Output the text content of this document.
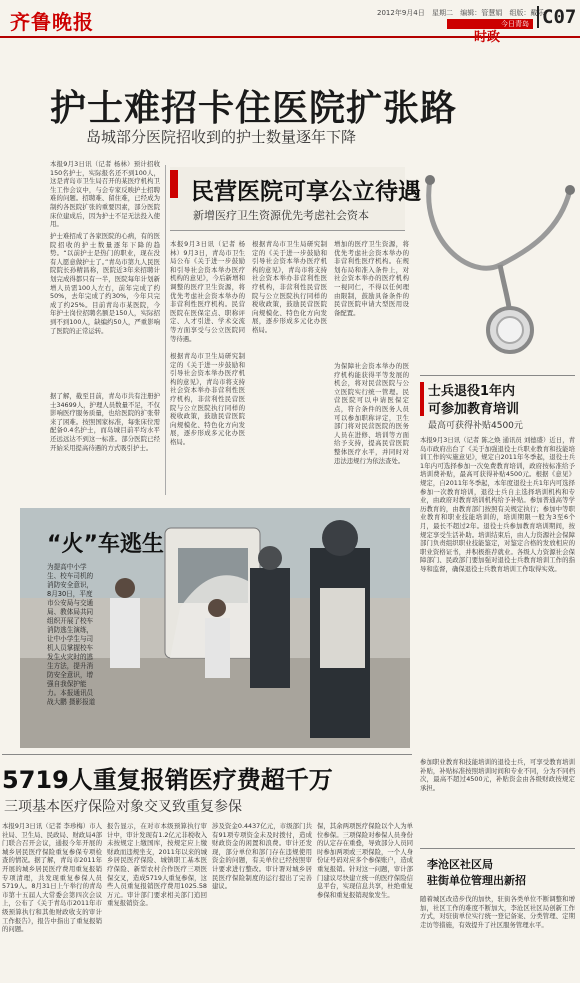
齐鲁晚报	2012年9月4日 星期二 编辑：管慧娟 组版：戴乐
今日青岛
时政
C07
护士难招卡住医院扩张路
岛城部分医院招收到的护士数量逐年下降
本报9月3日讯（记者 杨林）预计招收150名护士，实际报名还不到100人，这是青岛市卫生局召开的某医疗机构卫生工作会议中，与会专家反映护士招聘难的问题。招聘难、留住难，已经成为制约各医院扩张的重要因素，部分医院床位建成后，因为护士不足无法投入使用。
护士难招成了各家医院的心病，有的医院招收的护士数量逐年下降的趋势。“以前护士是热门的职业，现在没有人愿意做护士了。”青岛市第九人民医院院长孙精昌称，医院近3年来招聘计划完成得都只有一半，医院每年计划新增人员需100人左右，前年完成了约50%，去年完成了约30%，今年只完成了约25%。目前青岛市某医院，今年护士岗位招聘名额是150人，实际招到不到100人，缺编约50人，严重影响了医院的正常运转。
据了解，截至目前，青岛市共有注册护士34699人，护理人员数量不足，不仅影响医疗服务质量，也给医院的扩张带来了困难。按照国家标准，每张床位需配备0.4名护士，而岛城目前平均水平还远远达不到这一标准。部分医院已经开始采用提高待遇的方式吸引护士。
民营医院可享公立待遇
新增医疗卫生资源优先考虑社会资本
本报9月3日讯（记者 杨林）9月3日，青岛市卫生局公布《关于进一步鼓励和引导社会资本举办医疗机构的意见》，今后新增和调整的医疗卫生资源，将优先考虑社会资本举办的非营利性医疗机构。民营医院在医保定点、职称评定、人才引进、学术交流等方面享受与公立医院同等待遇。
根据青岛市卫生局研究制定的《关于进一步鼓励和引导社会资本举办医疗机构的意见》，青岛市将支持社会资本举办非营利性医疗机构，非营利性民营医院与公立医院执行同样的税收政策，鼓励民营医院向规模化、特色化方向发展，逐步形成多元化办医格局。
根据青岛市卫生局研究制定的《关于进一步鼓励和引导社会资本举办医疗机构的意见》，青岛市将支持社会资本举办非营利性医疗机构，非营利性民营医院与公立医院执行同样的税收政策，鼓励民营医院向规模化、特色化方向发展，逐步形成多元化办医格局。
增加的医疗卫生资源，将优先考虑社会资本举办的非营利性医疗机构。在规划布局和准入条件上，对社会资本举办的医疗机构一视同仁，不得以任何理由限制，鼓励具备条件的民营医院申请大型医用设备配置。
为保障社会资本举办的医疗机构能获得平等发展的机会，将对民营医院与公立医院实行统一管理。民营医院可以申请医保定点，符合条件的医务人员可以参加职称评定，卫生部门将对民营医院的医务人员在进修、培训等方面给予支持，提高民营医院整体医疗水平，并同时对违法违规行为依法查处。
士兵退役1年内
可参加教育培训
最高可获得补贴4500元
本报9月3日讯（记者 陈之焕 通讯员 刘德盛）近日，青岛市政府出台了《关于加强退役士兵职业教育和技能培训工作的实施意见》，规定自2011年冬季起，退役士兵1年内可选择参加一次免费教育培训，政府按标准给予培训费补贴，最高可获得补贴4500元。根据《意见》规定，自2011年冬季起，本年度退役士兵1年内可选择参加一次教育培训，退役士兵自主选择培训机构和专业，由政府对教育培训机构给予补贴。参加普通高等学历教育的，由教育部门按照有关规定执行；参加中等职业教育和职业技能培训的，培训期限一般为3至6个月，最长不超过2年。退役士兵参加教育培训期间，按规定享受生活补助。培训结束后，由人力资源社会保障部门负责组织职业技能鉴定，对鉴定合格的发放相应的职业资格证书，并积极推荐就业。各级人力资源社会保障部门、民政部门要加强对退役士兵教育培训工作的指导和监督，确保退役士兵教育培训工作取得实效。
参加职业教育和技能培训的退役士兵，可享受教育培训补贴，补贴标准按照培训时间和专业不同，分为不同档次，最高不超过4500元，补贴资金由各级财政按规定承担。
“火”车逃生
为提高中小学生、校车司机的消防安全意识，8月30日，平度市公安局与交通局、教体局共同组织开展了校车消防逃生演练，让中小学生与司机人员掌握校车发生火灾时的逃生方法，提升消防安全意识，增强自我保护能力。本报通讯员 战大鹏 摄影报道
5719人重复报销医疗费超千万
三项基本医疗保险对象交叉致重复参保
本报9月3日讯（记者 李珍梅）市人社局、卫生局、民政局、财政局4部门联合召开会议，通报今年开展的城乡居民医疗保险重复参保专项检查的情况。据了解，青岛市2011年开展的城乡居民医疗费用重复报销专项清理，共发现重复参保人员5719人。8月31日上午举行的青岛市第十五届人大常委会第四次会议上，公布了《关于青岛市2011年市级预算执行和其他财政收支的审计工作报告》，报告中指出了重复报销的问题。
报告显示，在对市本级预算执行审计中，审计发现有1.2亿元非税收入未按规定上缴国库，按规定应上缴财政而违规坐支，2011年以来的城乡居民医疗保险、城镇职工基本医疗保险、新型农村合作医疗三项医保交叉，造成5719人重复参保，这些人员重复报销医疗费用1025.58万元。审计部门要求相关部门追回重复报销资金。
涉及资金0.4437亿元，市级部门共有91项专项资金未及时拨付，造成财政资金的闲置和浪费。审计还发现，部分单位和部门存在违规使用资金的问题，有关单位已经按照审计要求进行整改。审计署对城乡居民医疗保险制度的运行提出了完善建议。
保，其余两项医疗保险以个人为单位参保。三项保险对参保人员身份的认定存在重叠，导致部分人员同时参加两项或三项保险，一个人身份证号码对应多个参保账户，造成重复报销。针对这一问题，审计部门建议尽快建立统一的医疗保险信息平台，实现信息共享，杜绝重复参保和重复报销现象发生。
李沧区社区局
驻街单位管理出新招
随着城区改造步伐的加快，驻街各类单位不断调整和增加，社区工作的难度不断加大，李沧区社区局创新工作方式，对驻街单位实行统一登记备案、分类管理、定期走访等措施，有效提升了社区服务管理水平。
